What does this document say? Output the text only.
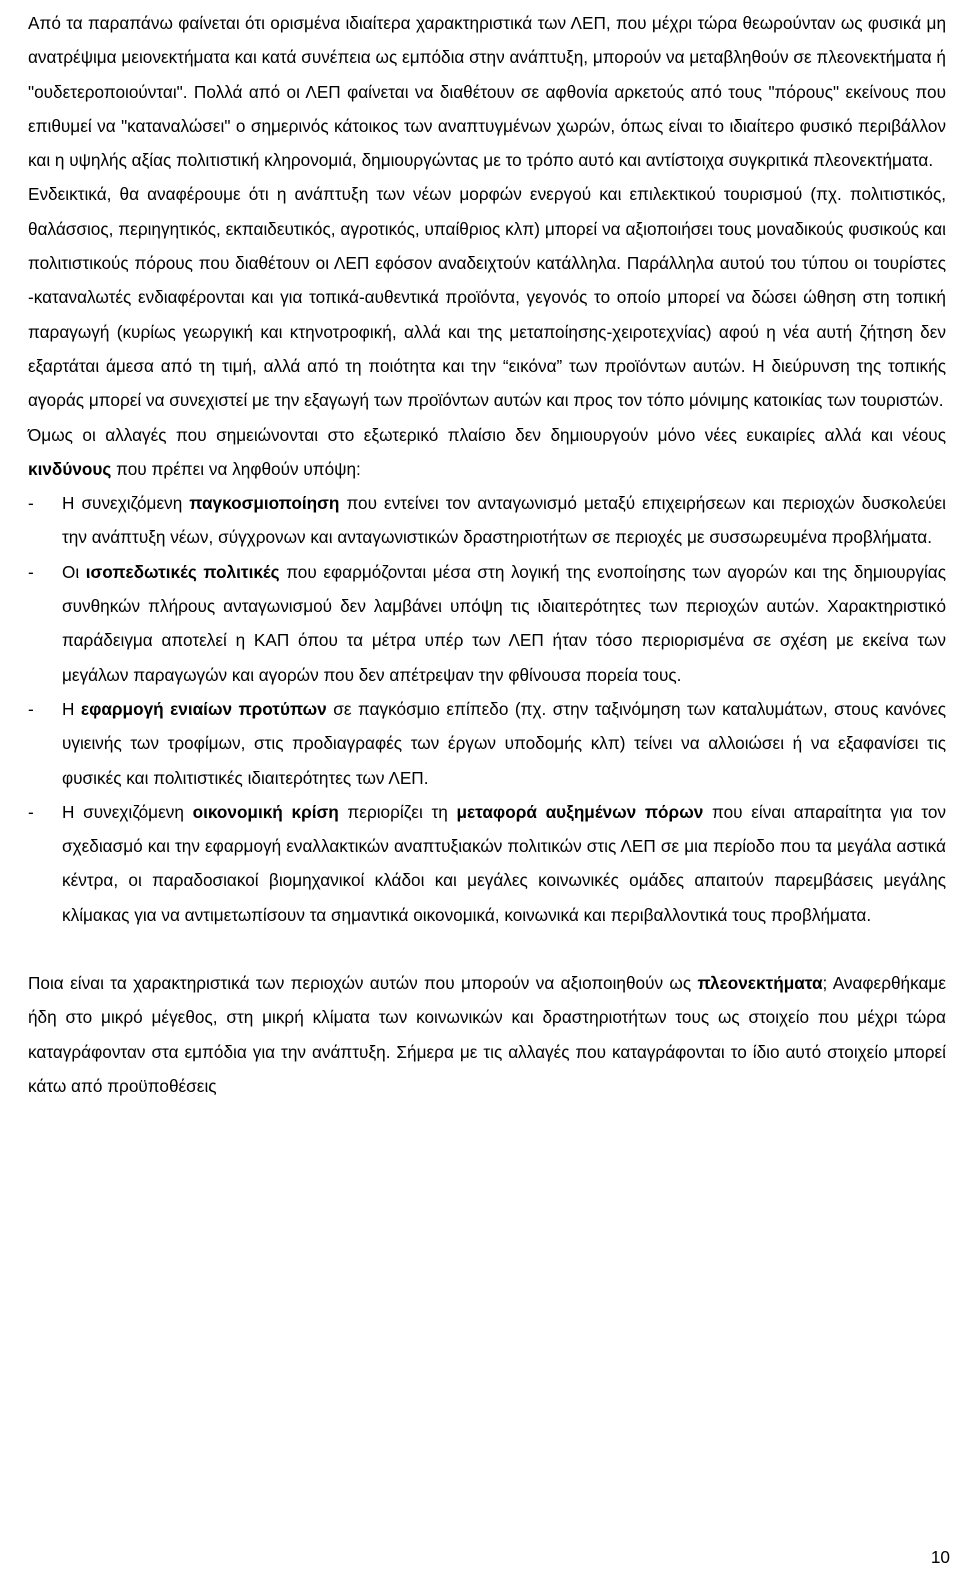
Από τα παραπάνω φαίνεται ότι ορισμένα ιδιαίτερα χαρακτηριστικά των ΛΕΠ, που μέχρι τώρα θεωρούνταν ως φυσικά μη ανατρέψιμα μειονεκτήματα και κατά συνέπεια ως εμπόδια στην ανάπτυξη, μπορούν να μεταβληθούν σε πλεονεκτήματα ή "ουδετεροποιούνται". Πολλά από οι ΛΕΠ φαίνεται να διαθέτουν σε αφθονία αρκετούς από τους "πόρους" εκείνους που επιθυμεί να "καταναλώσει" ο σημερινός κάτοικος των αναπτυγμένων χωρών, όπως είναι το ιδιαίτερο φυσικό περιβάλλον και η υψηλής αξίας πολιτιστική κληρονομιά, δημιουργώντας με το τρόπο αυτό και αντίστοιχα συγκριτικά πλεονεκτήματα.

Ενδεικτικά, θα αναφέρουμε ότι η ανάπτυξη των νέων μορφών ενεργού και επιλεκτικού τουρισμού (πχ. πολιτιστικός, θαλάσσιος, περιηγητικός, εκπαιδευτικός, αγροτικός, υπαίθριος κλπ) μπορεί να αξιοποιήσει τους μοναδικούς φυσικούς και πολιτιστικούς πόρους που διαθέτουν οι ΛΕΠ εφόσον αναδειχτούν κατάλληλα. Παράλληλα αυτού του τύπου οι τουρίστες -καταναλωτές ενδιαφέρονται και για τοπικά-αυθεντικά προϊόντα, γεγονός το οποίο μπορεί να δώσει ώθηση στη τοπική παραγωγή (κυρίως γεωργική και κτηνοτροφική, αλλά και της μεταποίησης-χειροτεχνίας) αφού η νέα αυτή ζήτηση δεν εξαρτάται άμεσα από τη τιμή, αλλά από τη ποιότητα και την “εικόνα” των προϊόντων αυτών. Η διεύρυνση της τοπικής αγοράς μπορεί να συνεχιστεί με την εξαγωγή των προϊόντων αυτών και προς τον τόπο μόνιμης κατοικίας των τουριστών.

Όμως οι αλλαγές που σημειώνονται στο εξωτερικό πλαίσιο δεν δημιουργούν μόνο νέες ευκαιρίες αλλά και νέους κινδύνους που πρέπει να ληφθούν υπόψη:

- Η συνεχιζόμενη παγκοσμιοποίηση που εντείνει τον ανταγωνισμό μεταξύ επιχειρήσεων και περιοχών δυσκολεύει την ανάπτυξη νέων, σύγχρονων και ανταγωνιστικών δραστηριοτήτων σε περιοχές με συσσωρευμένα προβλήματα.

- Οι ισοπεδωτικές πολιτικές που εφαρμόζονται μέσα στη λογική της ενοποίησης των αγορών και της δημιουργίας συνθηκών πλήρους ανταγωνισμού δεν λαμβάνει υπόψη τις ιδιαιτερότητες των περιοχών αυτών. Χαρακτηριστικό παράδειγμα αποτελεί η ΚΑΠ όπου τα μέτρα υπέρ των ΛΕΠ ήταν τόσο περιορισμένα σε σχέση με εκείνα των μεγάλων παραγωγών και αγορών που δεν απέτρεψαν την φθίνουσα πορεία τους.

- Η εφαρμογή ενιαίων προτύπων σε παγκόσμιο επίπεδο (πχ. στην ταξινόμηση των καταλυμάτων, στους κανόνες υγιεινής των τροφίμων, στις προδιαγραφές των έργων υποδομής κλπ) τείνει να αλλοιώσει ή να εξαφανίσει τις φυσικές και πολιτιστικές ιδιαιτερότητες των ΛΕΠ.

- Η συνεχιζόμενη οικονομική κρίση περιορίζει τη μεταφορά αυξημένων πόρων που είναι απαραίτητα για τον σχεδιασμό και την εφαρμογή εναλλακτικών αναπτυξιακών πολιτικών στις ΛΕΠ σε μια περίοδο που τα μεγάλα αστικά κέντρα, οι παραδοσιακοί βιομηχανικοί κλάδοι και μεγάλες κοινωνικές ομάδες απαιτούν παρεμβάσεις μεγάλης κλίμακας για να αντιμετωπίσουν τα σημαντικά οικονομικά, κοινωνικά και περιβαλλοντικά τους προβλήματα.

Ποια είναι τα χαρακτηριστικά των περιοχών αυτών που μπορούν να αξιοποιηθούν ως πλεονεκτήματα; Αναφερθήκαμε ήδη στο μικρό μέγεθος, στη μικρή κλίματα των κοινωνικών και δραστηριοτήτων τους ως στοιχείο που μέχρι τώρα καταγράφονταν στα εμπόδια για την ανάπτυξη. Σήμερα με τις αλλαγές που καταγράφονται το ίδιο αυτό στοιχείο μπορεί κάτω από προϋποθέσεις

10
